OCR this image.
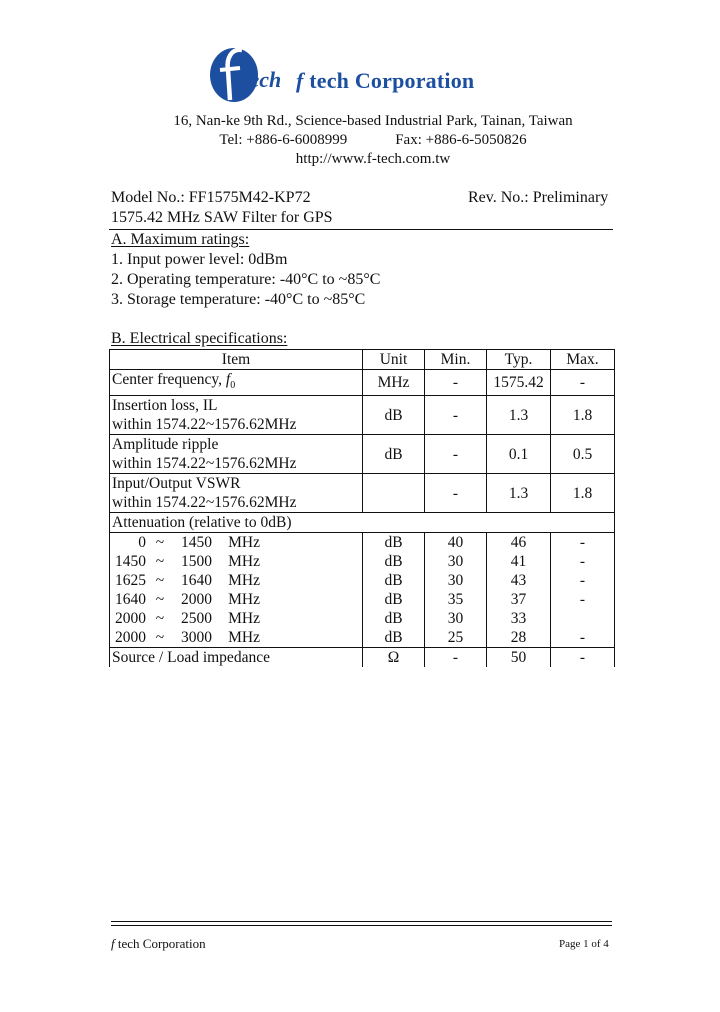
ftech f tech Corporation
16, Nan-ke 9th Rd., Science-based Industrial Park, Tainan, Taiwan
Tel: +886-6-6008999	Fax: +886-6-5050826
http://www.f-tech.com.tw
Model No.: FF1575M42-KP72	Rev. No.: Preliminary
1575.42 MHz SAW Filter for GPS
A. Maximum ratings:
1. Input power level: 0dBm
2. Operating temperature: -40°C to ~85°C
3. Storage temperature: -40°C to ~85°C
B. Electrical specifications:
Item	Unit	Min.	Typ.	Max.
Center frequency, $f_0$	MHz	-	1575.42	-

Insertion loss, IL
within 1574.22~1576.62MHz	dB	-	1.3	1.8

Amplitude ripple
within 1574.22~1576.62MHz	dB	-	0.1	0.5

Input/Output VSWR
within 1574.22~1576.62MHz		-	1.3	1.8
Attenuation (relative to 0dB)				
0 ~ 1450 MHz	dB	40	46	-
1450 ~ 1500 MHz	dB	30	41	-
1625 ~ 1640 MHz	dB	30	43	-
1640 ~ 2000 MHz	dB	35	37	-
2000 ~ 2500 MHz	dB	30	33	
2000 ~ 3000 MHz	dB	25	28	-
Source / Load impedance	Ω	-	50	-
f tech Corporation	Page 1 of 4
